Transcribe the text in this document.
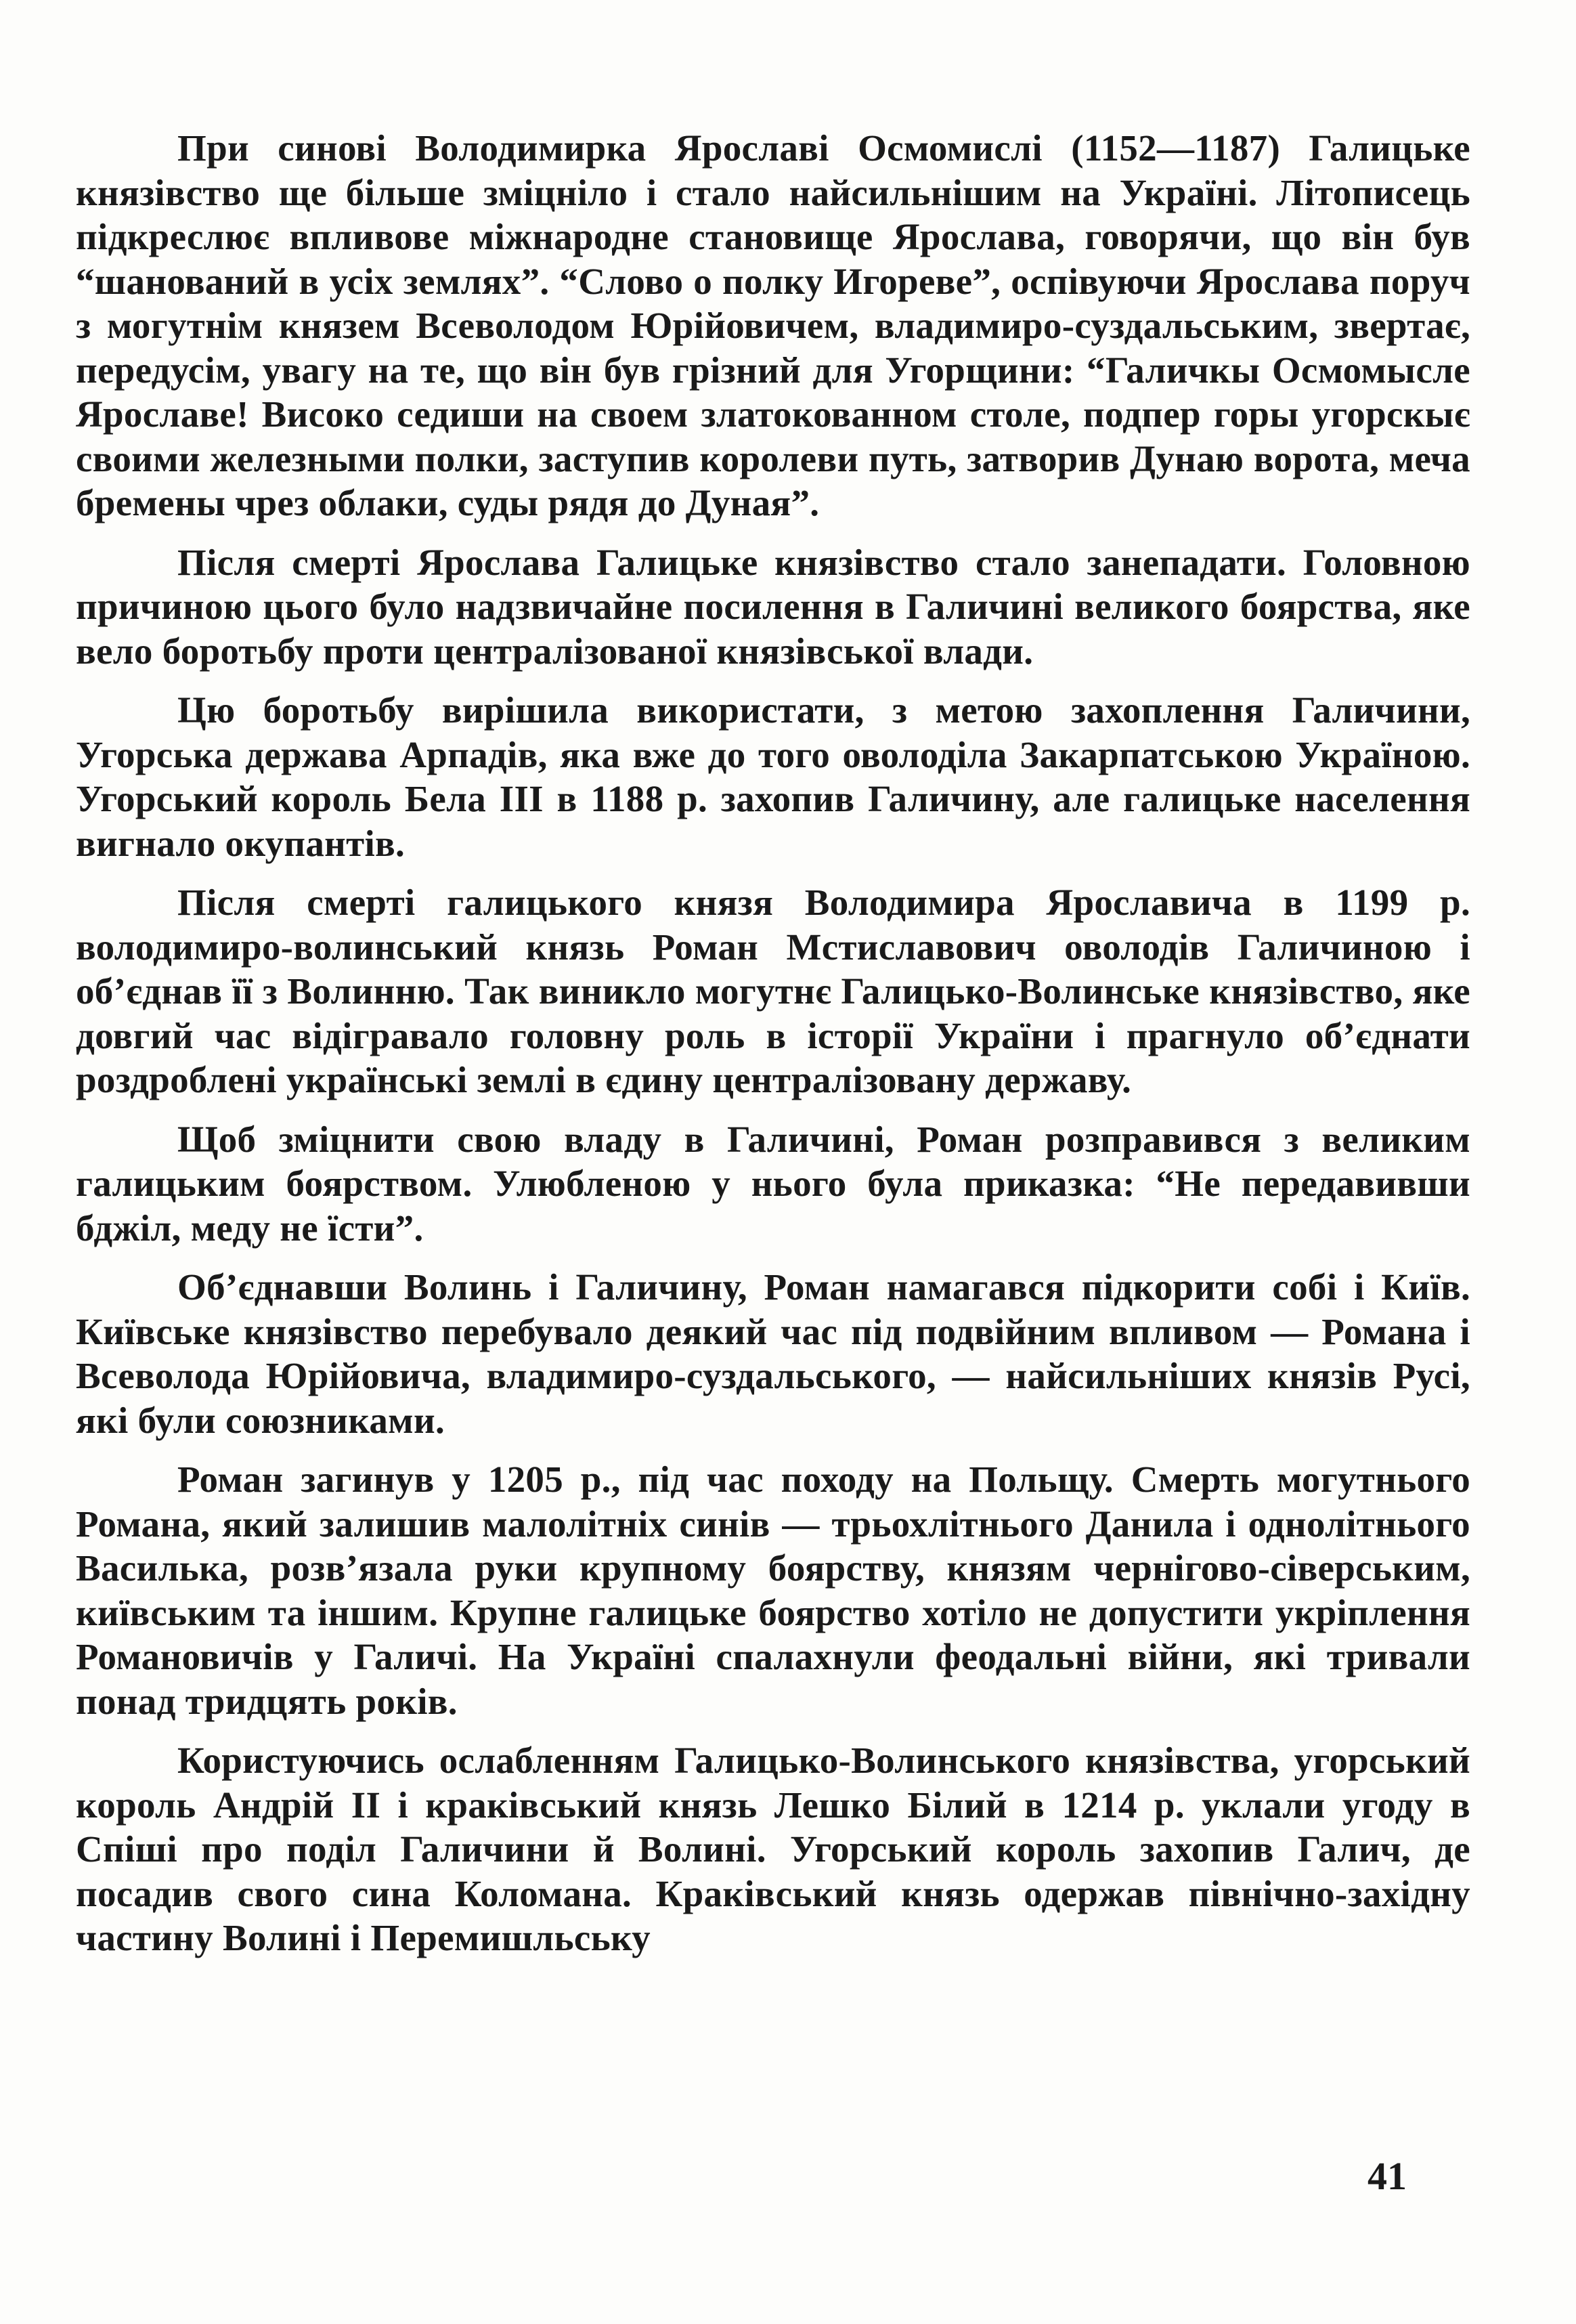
При синові Володимирка Ярославі Осмомислі (1152—1187) Галицьке князівство ще більше зміцніло і стало найсильнішим на Україні. Літописець підкреслює впливове міжнародне становище Ярослава, говорячи, що він був “шанований в усіх землях”. “Слово о полку Игореве”, оспівуючи Ярослава поруч з могутнім князем Всеволодом Юрійовичем, владимиро-суздальським, звертає, передусім, увагу на те, що він був грізний для Угорщини: “Галичкы Осмомысле Ярославе! Високо седиши на своем златокованном столе, подпер горы угорскыє своими железными полки, заступив королеви путь, затворив Дунаю ворота, меча бремены чрез облаки, суды рядя до Дуная”.

Після смерті Ярослава Галицьке князівство стало занепадати. Головною причиною цього було надзвичайне посилення в Галичині великого боярства, яке вело боротьбу проти централізованої князівської влади.

Цю боротьбу вирішила використати, з метою захоплення Галичини, Угорська держава Арпадів, яка вже до того оволоділа Закарпатською Україною. Угорський король Бела III в 1188 р. захопив Галичину, але галицьке населення вигнало окупантів.

Після смерті галицького князя Володимира Ярославича в 1199 р. володимиро-волинський князь Роман Мстиславович оволодів Галичиною і об’єднав її з Волинню. Так виникло могутнє Галицько-Волинське князівство, яке довгий час відігравало головну роль в історії України і прагнуло об’єднати роздроблені українські землі в єдину централізовану державу.

Щоб зміцнити свою владу в Галичині, Роман розправився з великим галицьким боярством. Улюбленою у нього була приказка: “Не передавивши бджіл, меду не їсти”.

Об’єднавши Волинь і Галичину, Роман намагався підкорити собі і Київ. Київське князівство перебувало деякий час під подвійним впливом — Романа і Всеволода Юрійовича, владимиро-суздальського, — найсильніших князів Русі, які були союзниками.

Роман загинув у 1205 р., під час походу на Польщу. Смерть могутнього Романа, який залишив малолітніх синів — трьохлітнього Данила і однолітнього Василька, розв’язала руки крупному боярству, князям чернігово-сіверським, київським та іншим. Крупне галицьке боярство хотіло не допустити укріплення Романовичів у Галичі. На Україні спалахнули феодальні війни, які тривали понад тридцять років.

Користуючись ослабленням Галицько-Волинського князівства, угорський король Андрій II і краківський князь Лешко Білий в 1214 р. уклали угоду в Спіші про поділ Галичини й Волині. Угорський король захопив Галич, де посадив свого сина Коломана. Краківський князь одержав північно-західну частину Волині і Перемишльську

41
